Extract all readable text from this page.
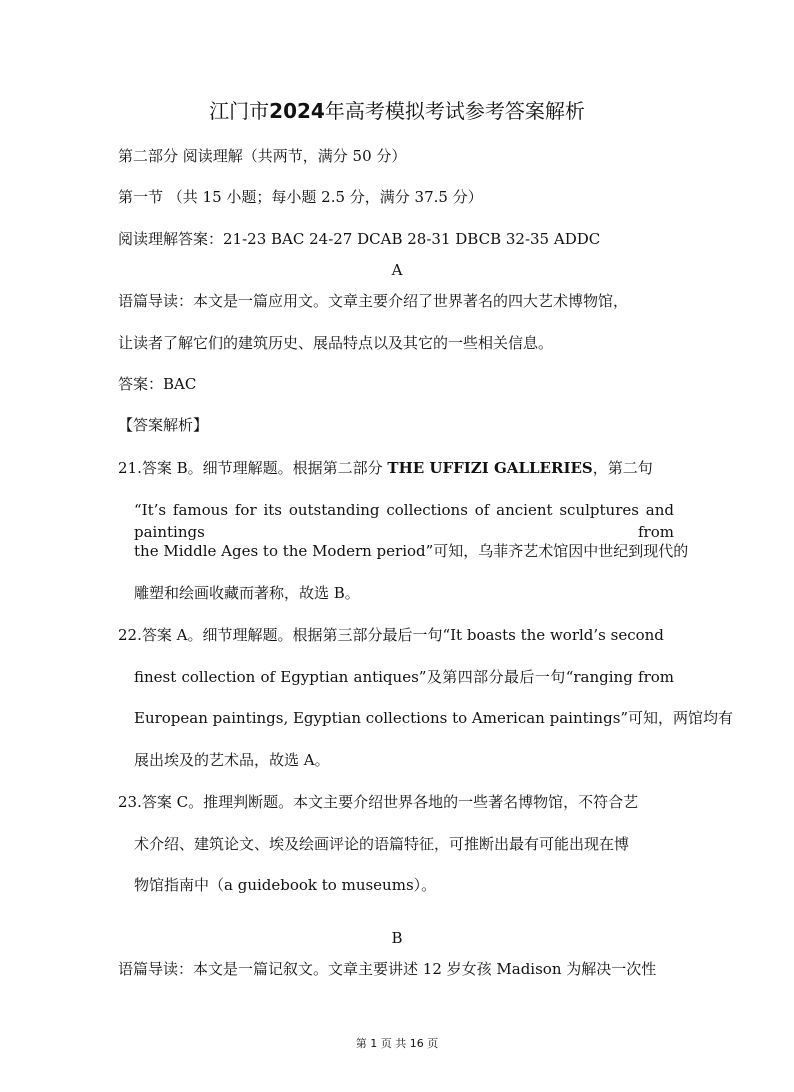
江门市2024年高考模拟考试参考答案解析
第二部分 阅读理解（共两节，满分 50 分）
第一节 （共 15 小题；每小题 2.5 分，满分 37.5 分）
阅读理解答案：21-23 BAC 24-27 DCAB 28-31 DBCB 32-35 ADDC
A
语篇导读：本文是一篇应用文。文章主要介绍了世界著名的四大艺术博物馆，
让读者了解它们的建筑历史、展品特点以及其它的一些相关信息。
答案：BAC
【答案解析】
21.答案 B。细节理解题。根据第二部分 THE UFFIZI GALLERIES，第二句
“It’s famous for its outstanding collections of ancient sculptures and paintings from
the Middle Ages to the Modern period”可知，乌菲齐艺术馆因中世纪到现代的
雕塑和绘画收藏而著称，故选 B。
22.答案 A。细节理解题。根据第三部分最后一句“It boasts the world’s second
finest collection of Egyptian antiques”及第四部分最后一句“ranging from
European paintings, Egyptian collections to American paintings”可知，两馆均有
展出埃及的艺术品，故选 A。
23.答案 C。推理判断题。本文主要介绍世界各地的一些著名博物馆，不符合艺
术介绍、建筑论文、埃及绘画评论的语篇特征，可推断出最有可能出现在博
物馆指南中（a guidebook to museums）。
B
语篇导读：本文是一篇记叙文。文章主要讲述 12 岁女孩 Madison 为解决一次性
第 1 页 共 16 页
